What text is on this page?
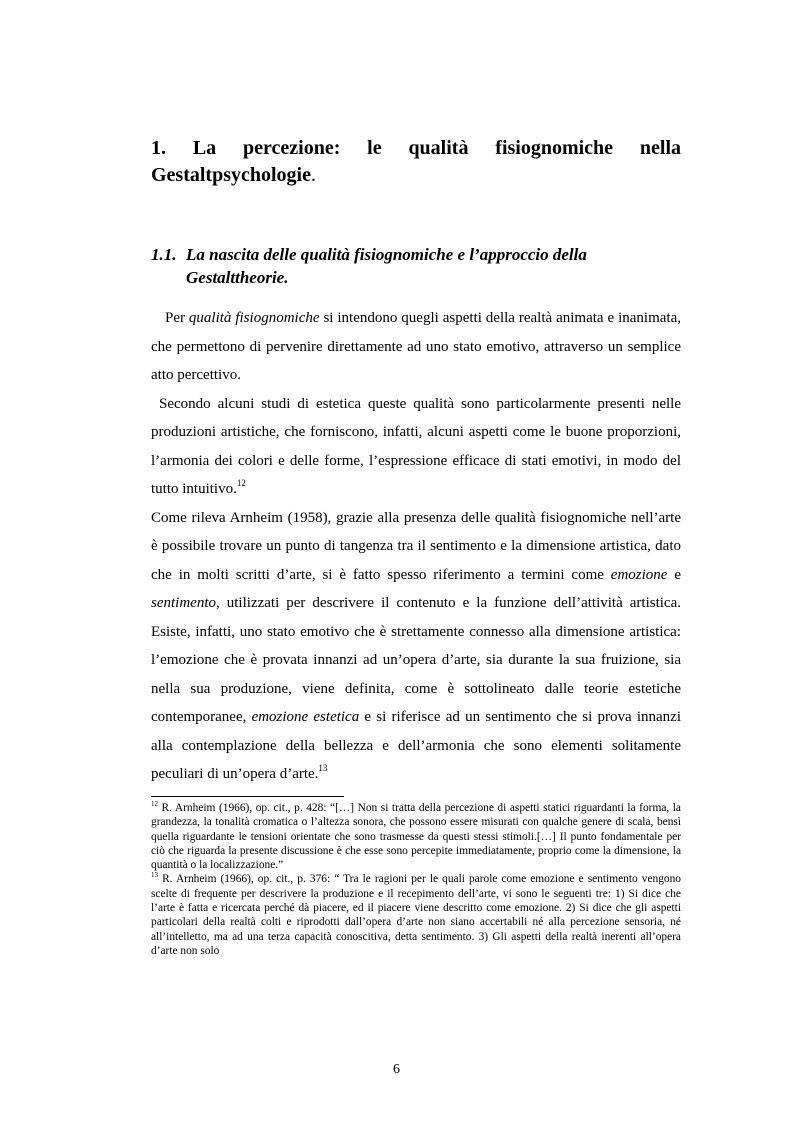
1. La percezione: le qualità fisiognomiche nella Gestaltpsychologie.
1.1. La nascita delle qualità fisiognomiche e l’approccio della
Gestalttheorie.

Per qualità fisiognomiche si intendono quegli aspetti della realtà animata e inanimata, che permettono di pervenire direttamente ad uno stato emotivo, attraverso un semplice atto percettivo.

Secondo alcuni studi di estetica queste qualità sono particolarmente presenti nelle produzioni artistiche, che forniscono, infatti, alcuni aspetti come le buone proporzioni, l’armonia dei colori e delle forme, l’espressione efficace di stati emotivi, in modo del tutto intuitivo.$^{12}$

Come rileva Arnheim (1958), grazie alla presenza delle qualità fisiognomiche nell’arte è possibile trovare un punto di tangenza tra il sentimento e la dimensione artistica, dato che in molti scritti d’arte, si è fatto spesso riferimento a termini come emozione e sentimento, utilizzati per descrivere il contenuto e la funzione dell’attività artistica. Esiste, infatti, uno stato emotivo che è strettamente connesso alla dimensione artistica: l’emozione che è provata innanzi ad un’opera d’arte, sia durante la sua fruizione, sia nella sua produzione, viene definita, come è sottolineato dalle teorie estetiche contemporanee, emozione estetica e si riferisce ad un sentimento che si prova innanzi alla contemplazione della bellezza e dell’armonia che sono elementi solitamente peculiari di un’opera d’arte.$^{13}$

$^{12}$ R. Arnheim (1966), op. cit., p. 428: “[…] Non si tratta della percezione di aspetti statici riguardanti la forma, la grandezza, la tonalità cromatica o l’altezza sonora, che possono essere misurati con qualche genere di scala, bensì quella riguardante le tensioni orientate che sono trasmesse da questi stessi stimoli.[…] Il punto fondamentale per ciò che riguarda la presente discussione è che esse sono percepite immediatamente, proprio come la dimensione, la quantità o la localizzazione.”

$^{13}$ R. Arnheim (1966), op. cit., p. 376: “ Tra le ragioni per le quali parole come emozione e sentimento vengono scelte di frequente per descrivere la produzione e il recepimento dell’arte, vi sono le seguenti tre: 1) Si dice che l’arte è fatta e ricercata perché dà piacere, ed il piacere viene descritto come emozione. 2) Si dice che gli aspetti particolari della realtà colti e riprodotti dall’opera d’arte non siano accertabili né alla percezione sensoria, né all’intelletto, ma ad una terza capacità conoscitiva, detta sentimento. 3) Gli aspetti della realtà inerenti all’opera d’arte non solo

6
